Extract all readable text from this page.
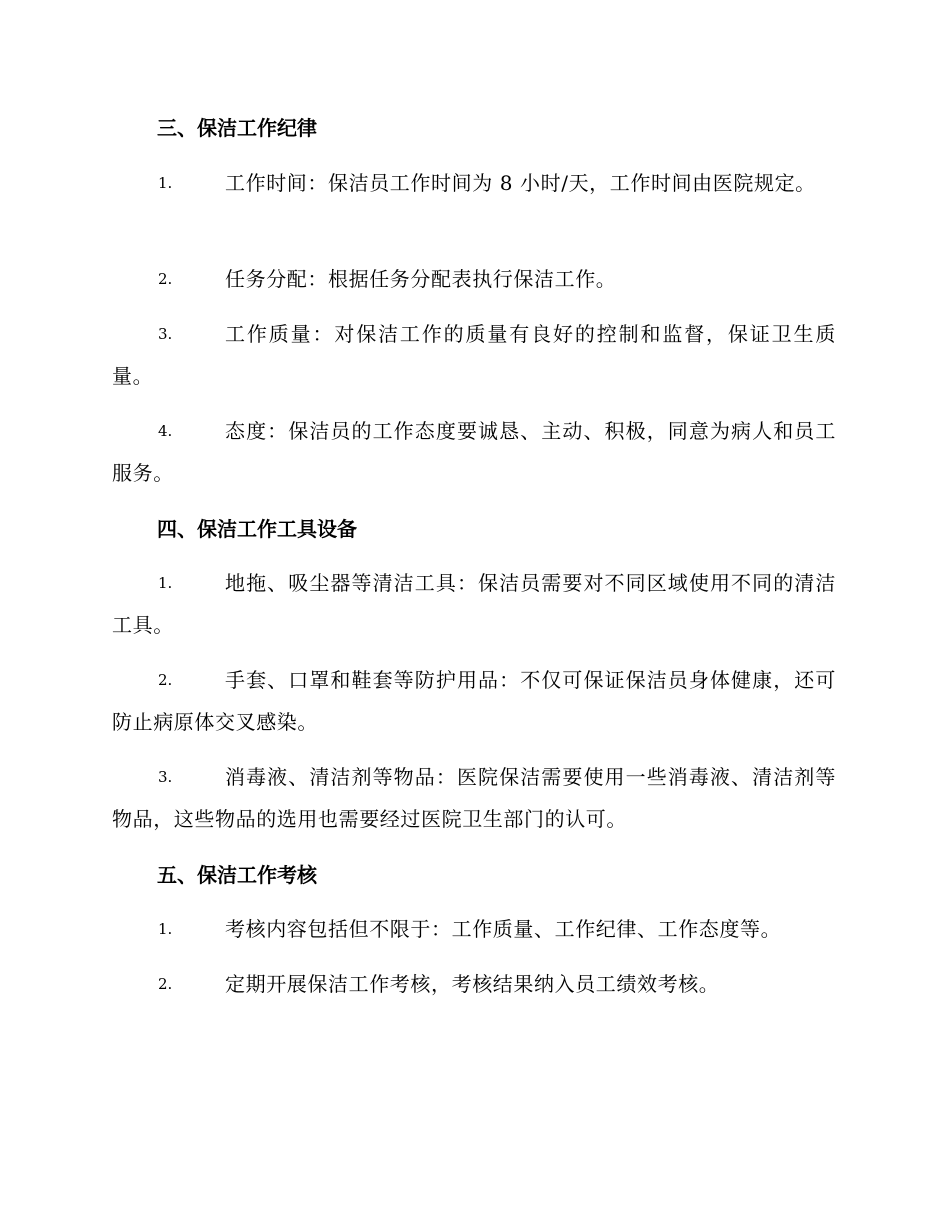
三、保洁工作纪律
1.	工作时间：保洁员工作时间为 8 小时/天，工作时间由医院规定。
2.	任务分配：根据任务分配表执行保洁工作。
3.	工作质量：对保洁工作的质量有良好的控制和监督，保证卫生质量。
4.	态度：保洁员的工作态度要诚恳、主动、积极，同意为病人和员工服务。
四、保洁工作工具设备
1.	地拖、吸尘器等清洁工具：保洁员需要对不同区域使用不同的清洁工具。
2.	手套、口罩和鞋套等防护用品：不仅可保证保洁员身体健康，还可防止病原体交叉感染。
3.	消毒液、清洁剂等物品：医院保洁需要使用一些消毒液、清洁剂等物品，这些物品的选用也需要经过医院卫生部门的认可。
五、保洁工作考核
1.	考核内容包括但不限于：工作质量、工作纪律、工作态度等。
2.	定期开展保洁工作考核，考核结果纳入员工绩效考核。
